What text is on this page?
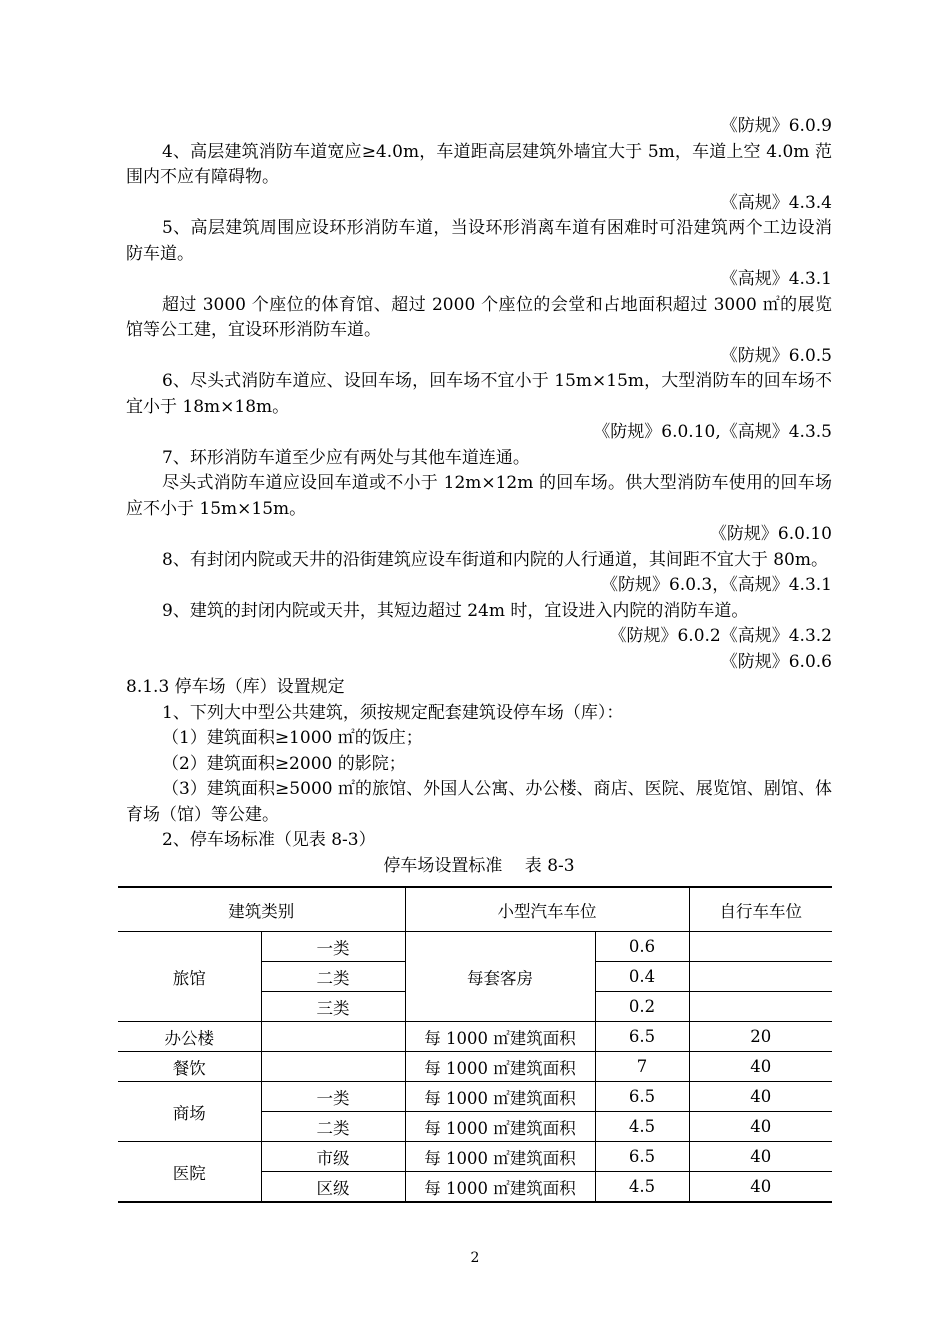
《防规》6.0.9

4、高层建筑消防车道宽应≥4.0m，车道距高层建筑外墙宜大于 5m，车道上空 4.0m 范围内不应有障碍物。

《高规》4.3.4

5、高层建筑周围应设环形消防车道，当设环形消离车道有困难时可沿建筑两个工边设消防车道。

《高规》4.3.1

超过 3000 个座位的体育馆、超过 2000 个座位的会堂和占地面积超过 3000 ㎡的展览馆等公工建，宜设环形消防车道。

《防规》6.0.5

6、尽头式消防车道应、设回车场，回车场不宜小于 15m×15m，大型消防车的回车场不宜小于 18m×18m。

《防规》6.0.10,《高规》4.3.5

7、环形消防车道至少应有两处与其他车道连通。

尽头式消防车道应设回车道或不小于 12m×12m 的回车场。供大型消防车使用的回车场应不小于 15m×15m。

《防规》6.0.10

8、有封闭内院或天井的沿街建筑应设车街道和内院的人行通道，其间距不宜大于 80m。

《防规》6.0.3，《高规》4.3.1

9、建筑的封闭内院或天井，其短边超过 24m 时，宜设进入内院的消防车道。

《防规》6.0.2《高规》4.3.2

《防规》6.0.6

8.1.3 停车场（库）设置规定

1、下列大中型公共建筑，须按规定配套建筑设停车场（库）：

（1）建筑面积≥1000 ㎡的饭庄；

（2）建筑面积≥2000 的影院；

（3）建筑面积≥5000 ㎡的旅馆、外国人公寓、办公楼、商店、医院、展览馆、剧馆、体育场（馆）等公建。

2、停车场标准（见表 8-3）

停车场设置标准　 表 8-3

建筑类别		小型汽车车位		自行车车位
旅馆	一类	每套客房	0.6	
	二类		0.4	
	三类		0.2	
办公楼		每 1000 ㎡建筑面积	6.5	20
餐饮		每 1000 ㎡建筑面积	7	40
商场	一类	每 1000 ㎡建筑面积	6.5	40
	二类	每 1000 ㎡建筑面积	4.5	40
医院	市级	每 1000 ㎡建筑面积	6.5	40
	区级	每 1000 ㎡建筑面积	4.5	40
2
